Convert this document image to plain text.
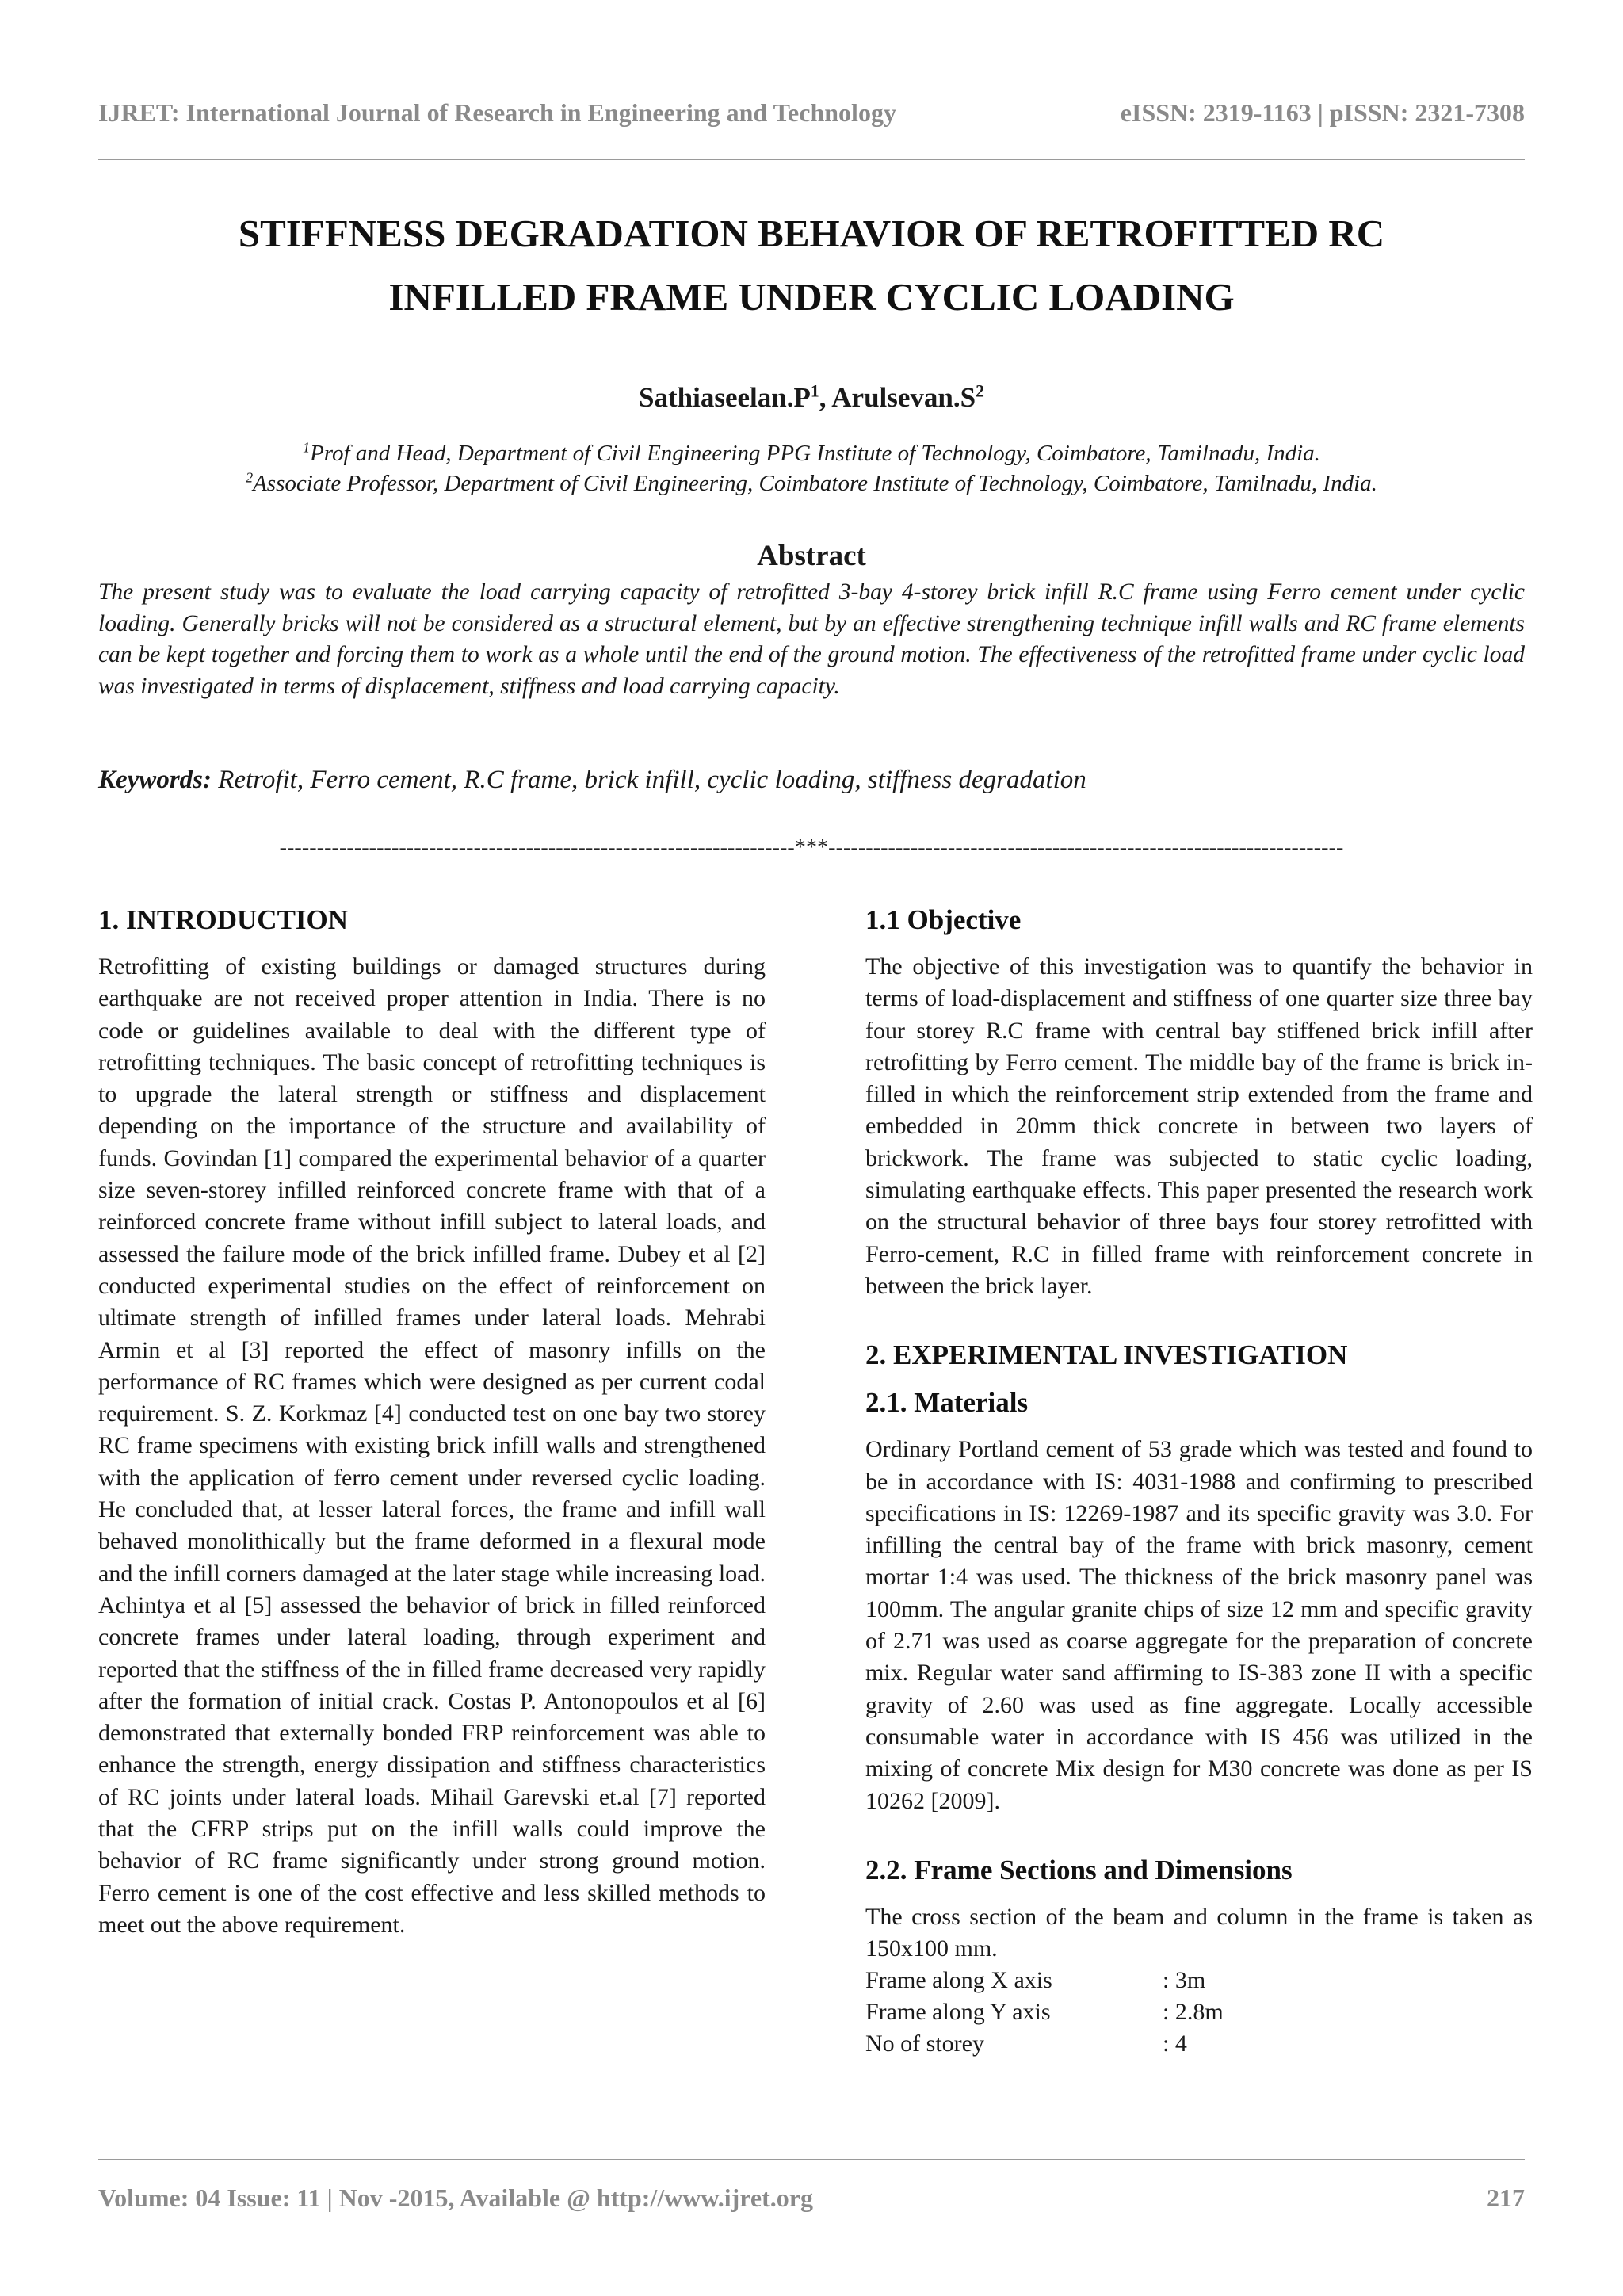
IJRET: International Journal of Research in Engineering and Technology	eISSN: 2319-1163 | pISSN: 2321-7308
STIFFNESS DEGRADATION BEHAVIOR OF RETROFITTED RC
INFILLED FRAME UNDER CYCLIC LOADING
$Sathiaseelan.P^1$, $Arulsevan.S^2$
$^1$Prof and Head, Department of Civil Engineering PPG Institute of Technology, Coimbatore, Tamilnadu, India.
$^2$Associate Professor, Department of Civil Engineering, Coimbatore Institute of Technology, Coimbatore, Tamilnadu, India.
Abstract
The present study was to evaluate the load carrying capacity of retrofitted 3-bay 4-storey brick infill R.C frame using Ferro cement under cyclic loading. Generally bricks will not be considered as a structural element, but by an effective strengthening technique infill walls and RC frame elements can be kept together and forcing them to work as a whole until the end of the ground motion. The effectiveness of the retrofitted frame under cyclic load was investigated in terms of displacement, stiffness and load carrying capacity.
Keywords: Retrofit, Ferro cement, R.C frame, brick infill, cyclic loading, stiffness degradation
---------------------------------------------------------------------***---------------------------------------------------------------------
1. INTRODUCTION

Retrofitting of existing buildings or damaged structures during earthquake are not received proper attention in India. There is no code or guidelines available to deal with the different type of retrofitting techniques. The basic concept of retrofitting techniques is to upgrade the lateral strength or stiffness and displacement depending on the importance of the structure and availability of funds. Govindan [1] compared the experimental behavior of a quarter size seven-storey infilled reinforced concrete frame with that of a reinforced concrete frame without infill subject to lateral loads, and assessed the failure mode of the brick infilled frame. Dubey et al [2] conducted experimental studies on the effect of reinforcement on ultimate strength of infilled frames under lateral loads. Mehrabi Armin et al [3] reported the effect of masonry infills on the performance of RC frames which were designed as per current codal requirement. S. Z. Korkmaz [4] conducted test on one bay two storey RC frame specimens with existing brick infill walls and strengthened with the application of ferro cement under reversed cyclic loading. He concluded that, at lesser lateral forces, the frame and infill wall behaved monolithically but the frame deformed in a flexural mode and the infill corners damaged at the later stage while increasing load. Achintya et al [5] assessed the behavior of brick in filled reinforced concrete frames under lateral loading, through experiment and reported that the stiffness of the in filled frame decreased very rapidly after the formation of initial crack. Costas P. Antonopoulos et al [6] demonstrated that externally bonded FRP reinforcement was able to enhance the strength, energy dissipation and stiffness characteristics of RC joints under lateral loads. Mihail Garevski et.al [7] reported that the CFRP strips put on the infill walls could improve the behavior of RC frame significantly under strong ground motion. Ferro cement is one of the cost effective and less skilled methods to meet out the above requirement.

1.1 Objective

The objective of this investigation was to quantify the behavior in terms of load-displacement and stiffness of one quarter size three bay four storey R.C frame with central bay stiffened brick infill after retrofitting by Ferro cement. The middle bay of the frame is brick in-filled in which the reinforcement strip extended from the frame and embedded in 20mm thick concrete in between two layers of brickwork. The frame was subjected to static cyclic loading, simulating earthquake effects. This paper presented the research work on the structural behavior of three bays four storey retrofitted with Ferro-cement, R.C in filled frame with reinforcement concrete in between the brick layer.

2. EXPERIMENTAL INVESTIGATION
2.1. Materials

Ordinary Portland cement of 53 grade which was tested and found to be in accordance with IS: 4031-1988 and confirming to prescribed specifications in IS: 12269-1987 and its specific gravity was 3.0. For infilling the central bay of the frame with brick masonry, cement mortar 1:4 was used. The thickness of the brick masonry panel was 100mm. The angular granite chips of size 12 mm and specific gravity of 2.71 was used as coarse aggregate for the preparation of concrete mix. Regular water sand affirming to IS-383 zone II with a specific gravity of 2.60 was used as fine aggregate. Locally accessible consumable water in accordance with IS 456 was utilized in the mixing of concrete Mix design for M30 concrete was done as per IS 10262 [2009].

2.2. Frame Sections and Dimensions

The cross section of the beam and column in the frame is taken as 150x100 mm.

Frame along X axis	: 3m
Frame along Y axis	: 2.8m
No of storey	: 4
Volume: 04 Issue: 11 | Nov -2015, Available @ http://www.ijret.org	217
